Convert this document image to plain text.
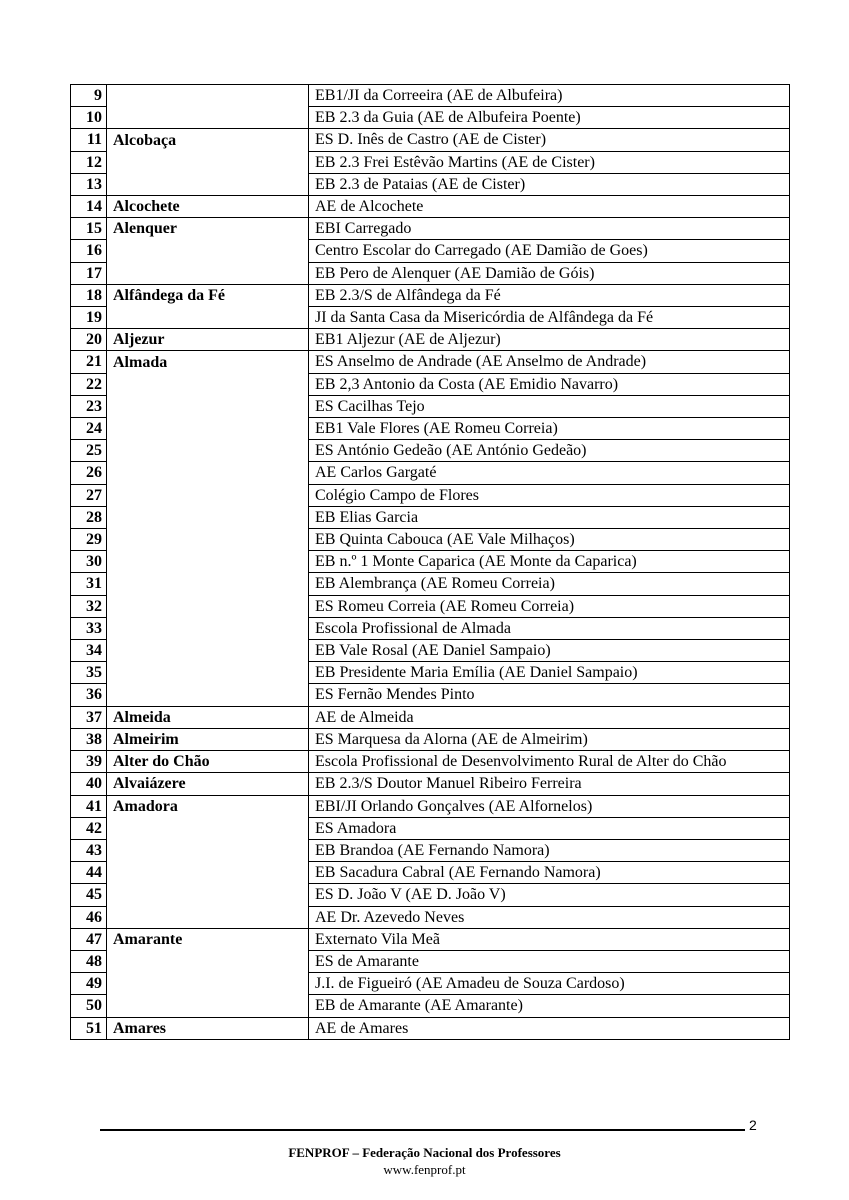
9		EB1/JI da Correeira (AE de Albufeira)
10		EB 2.3 da Guia (AE de Albufeira Poente)
11	Alcobaça	ES D. Inês de Castro (AE de Cister)
12		EB 2.3 Frei Estêvão Martins (AE de Cister)
13		EB 2.3 de Pataias (AE de Cister)
14	Alcochete	AE de Alcochete
15	Alenquer	EBI Carregado
16		Centro Escolar do Carregado (AE Damião de Goes)
17		EB Pero de Alenquer (AE Damião de Góis)
18	Alfândega da Fé	EB 2.3/S de Alfândega da Fé
19		JI da Santa Casa da Misericórdia de Alfândega da Fé
20	Aljezur	EB1 Aljezur (AE de Aljezur)
21	Almada	ES Anselmo de Andrade (AE Anselmo de Andrade)
22		EB 2,3 Antonio da Costa (AE Emidio Navarro)
23		ES Cacilhas Tejo
24		EB1 Vale Flores (AE Romeu Correia)
25		ES António Gedeão (AE António Gedeão)
26		AE Carlos Gargaté
27		Colégio Campo de Flores
28		EB Elias Garcia
29		EB Quinta Cabouca (AE Vale Milhaços)
30		EB n.º 1 Monte Caparica (AE Monte da Caparica)
31		EB Alembrança (AE Romeu Correia)
32		ES Romeu Correia (AE Romeu Correia)
33		Escola Profissional de Almada
34		EB Vale Rosal (AE Daniel Sampaio)
35		EB Presidente Maria Emília (AE Daniel Sampaio)
36		ES Fernão Mendes Pinto
37	Almeida	AE de Almeida
38	Almeirim	ES Marquesa da Alorna (AE de Almeirim)
39	Alter do Chão	Escola Profissional de Desenvolvimento Rural de Alter do Chão
40	Alvaiázere	EB 2.3/S Doutor Manuel Ribeiro Ferreira
41	Amadora	EBI/JI Orlando Gonçalves (AE Alfornelos)
42		ES Amadora
43		EB Brandoa (AE Fernando Namora)
44		EB Sacadura Cabral (AE Fernando Namora)
45		ES D. João V (AE D. João V)
46		AE Dr. Azevedo Neves
47	Amarante	Externato Vila Meã
48		ES de Amarante
49		J.I. de Figueiró (AE Amadeu de Souza Cardoso)
50		EB de Amarante (AE Amarante)
51	Amares	AE de Amares
2
FENPROF – Federação Nacional dos Professores
www.fenprof.pt
